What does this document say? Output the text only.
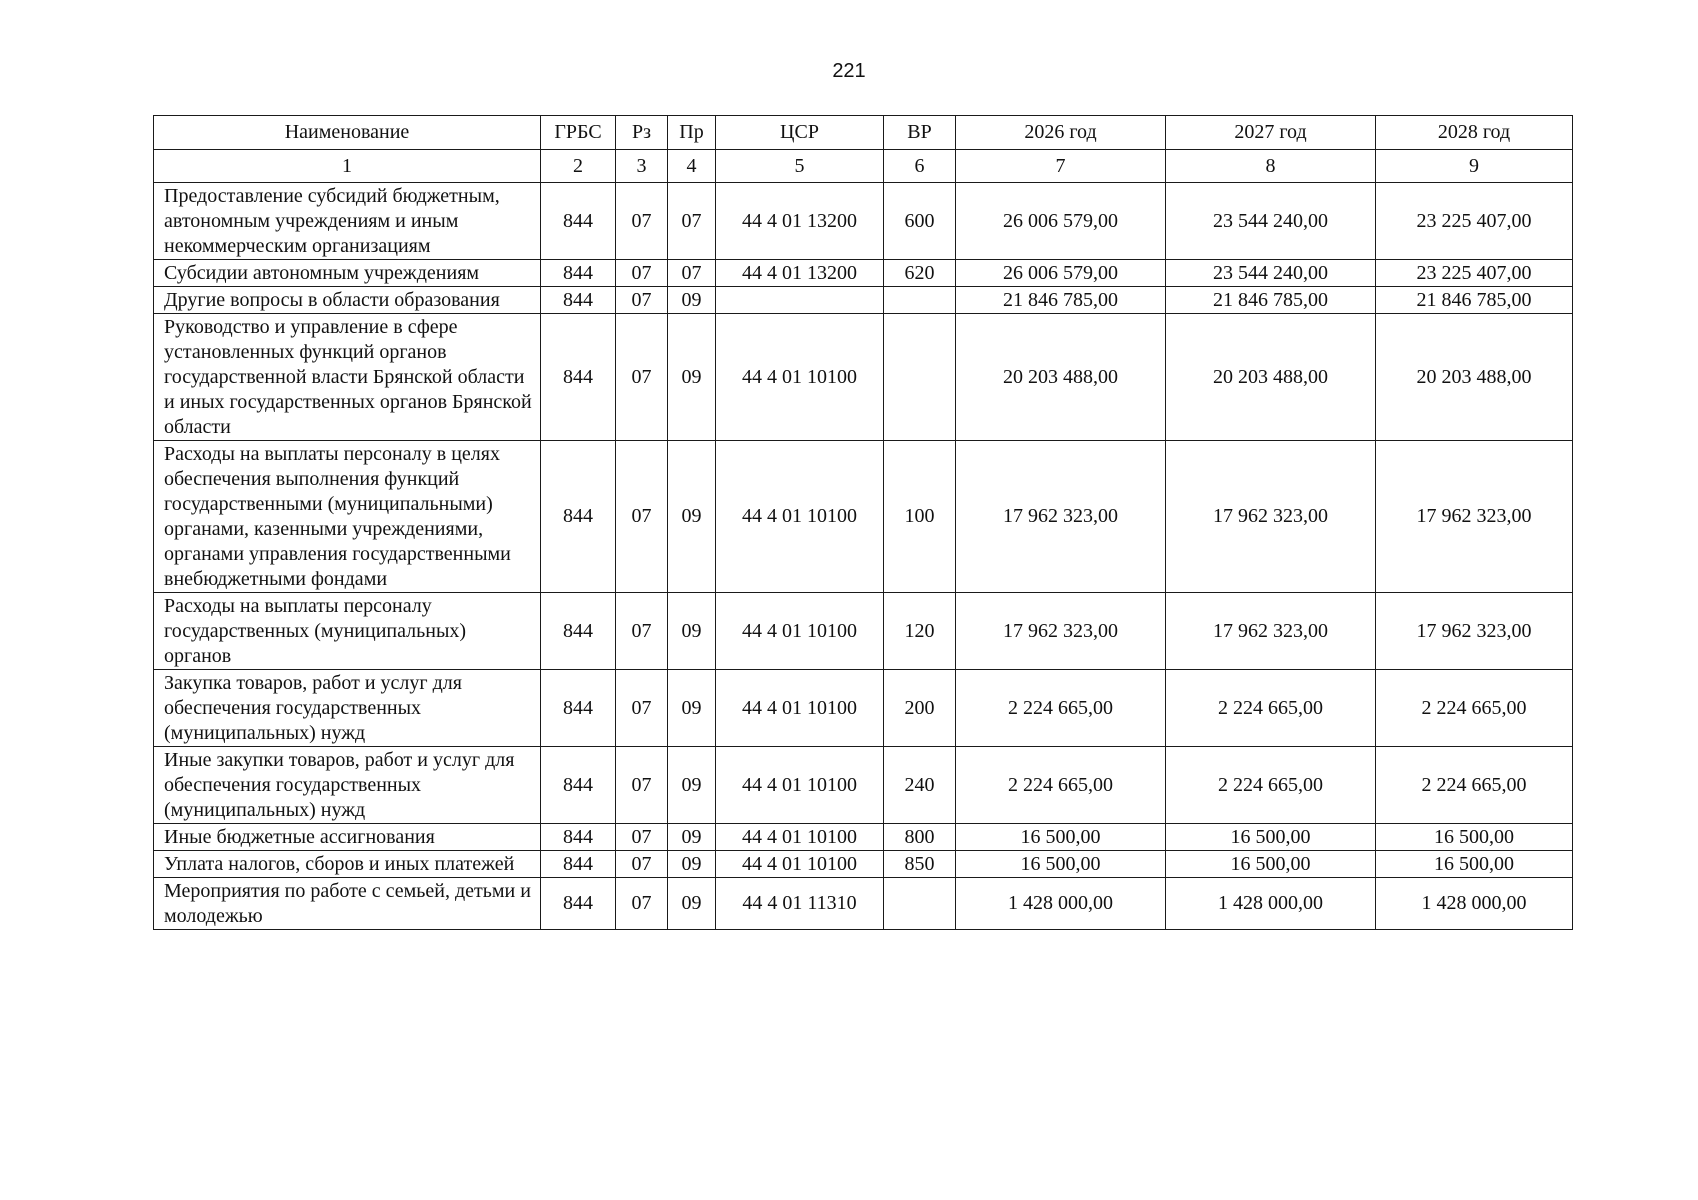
221
Наименование	ГРБС	Рз	Пр	ЦСР	ВР	2026 год	2027 год	2028 год
1	2	3	4	5	6	7	8	9
Предоставление субсидий бюджетным, автономным учреждениям и иным некоммерческим организациям	844	07	07	44 4 01 13200	600	26 006 579,00	23 544 240,00	23 225 407,00
Субсидии автономным учреждениям	844	07	07	44 4 01 13200	620	26 006 579,00	23 544 240,00	23 225 407,00
Другие вопросы в области образования	844	07	09			21 846 785,00	21 846 785,00	21 846 785,00
Руководство и управление в сфере установленных функций органов государственной власти Брянской области и иных государственных органов Брянской области	844	07	09	44 4 01 10100		20 203 488,00	20 203 488,00	20 203 488,00
Расходы на выплаты персоналу в целях обеспечения выполнения функций государственными (муниципальными) органами, казенными учреждениями, органами управления государственными внебюджетными фондами	844	07	09	44 4 01 10100	100	17 962 323,00	17 962 323,00	17 962 323,00
Расходы на выплаты персоналу государственных (муниципальных) органов	844	07	09	44 4 01 10100	120	17 962 323,00	17 962 323,00	17 962 323,00
Закупка товаров, работ и услуг для обеспечения государственных (муниципальных) нужд	844	07	09	44 4 01 10100	200	2 224 665,00	2 224 665,00	2 224 665,00
Иные закупки товаров, работ и услуг для обеспечения государственных (муниципальных) нужд	844	07	09	44 4 01 10100	240	2 224 665,00	2 224 665,00	2 224 665,00
Иные бюджетные ассигнования	844	07	09	44 4 01 10100	800	16 500,00	16 500,00	16 500,00
Уплата налогов, сборов и иных платежей	844	07	09	44 4 01 10100	850	16 500,00	16 500,00	16 500,00
Мероприятия по работе с семьей, детьми и молодежью	844	07	09	44 4 01 11310		1 428 000,00	1 428 000,00	1 428 000,00
